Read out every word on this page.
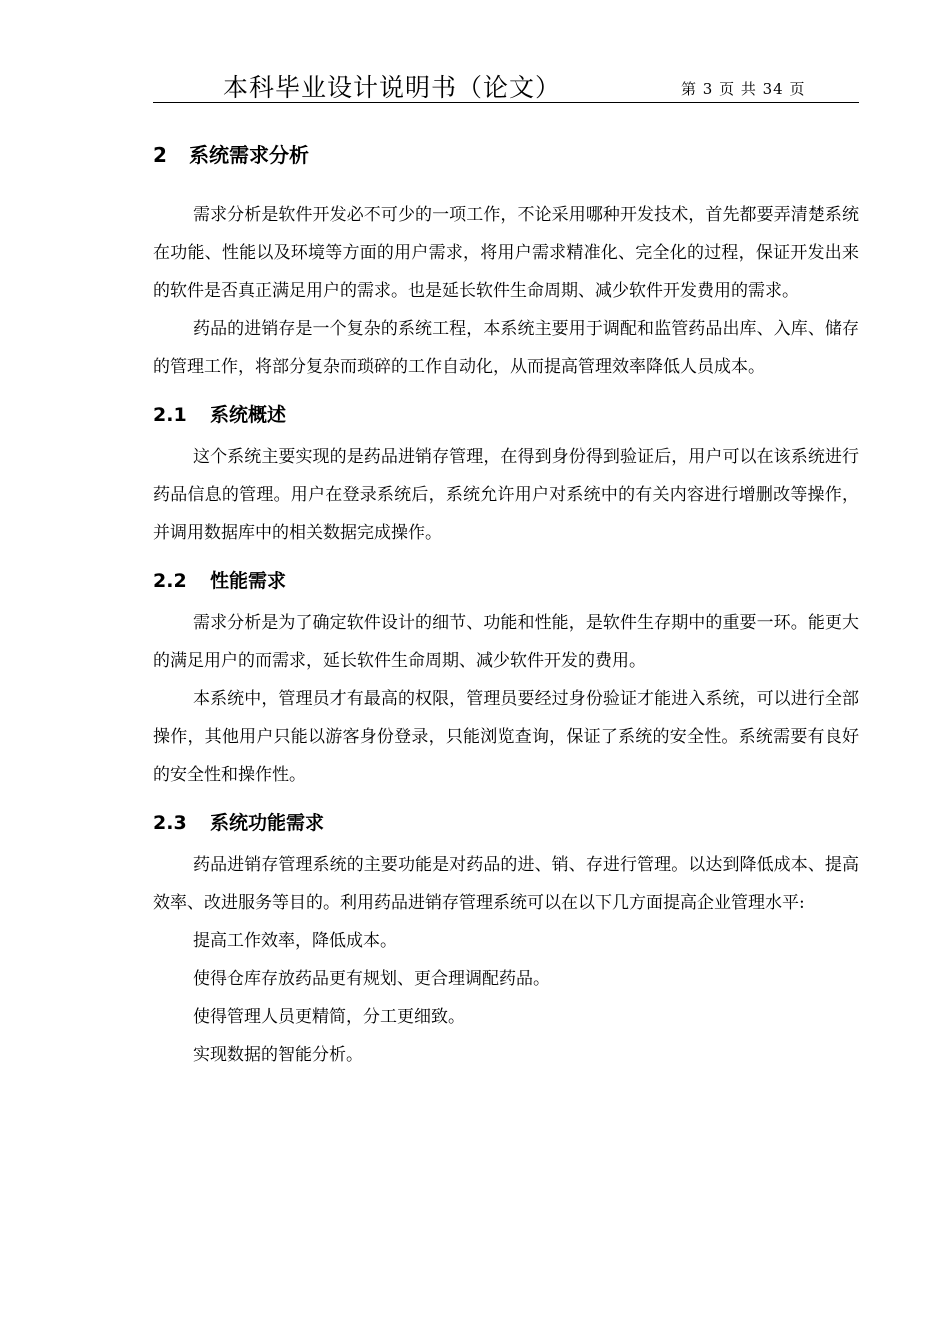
本科毕业设计说明书（论文）	第 3 页 共 34 页
2 系统需求分析

需求分析是软件开发必不可少的一项工作，不论采用哪种开发技术，首先都要弄清楚系统在功能、性能以及环境等方面的用户需求，将用户需求精准化、完全化的过程，保证开发出来的软件是否真正满足用户的需求。也是延长软件生命周期、减少软件开发费用的需求。

药品的进销存是一个复杂的系统工程，本系统主要用于调配和监管药品出库、入库、储存的管理工作，将部分复杂而琐碎的工作自动化，从而提高管理效率降低人员成本。

2.1 系统概述

这个系统主要实现的是药品进销存管理，在得到身份得到验证后，用户可以在该系统进行药品信息的管理。用户在登录系统后，系统允许用户对系统中的有关内容进行增删改等操作，并调用数据库中的相关数据完成操作。

2.2 性能需求

需求分析是为了确定软件设计的细节、功能和性能，是软件生存期中的重要一环。能更大的满足用户的而需求，延长软件生命周期、减少软件开发的费用。

本系统中，管理员才有最高的权限，管理员要经过身份验证才能进入系统，可以进行全部操作，其他用户只能以游客身份登录，只能浏览查询，保证了系统的安全性。系统需要有良好的安全性和操作性。

2.3 系统功能需求

药品进销存管理系统的主要功能是对药品的进、销、存进行管理。以达到降低成本、提高效率、改进服务等目的。利用药品进销存管理系统可以在以下几方面提高企业管理水平:

提高工作效率，降低成本。

使得仓库存放药品更有规划、更合理调配药品。

使得管理人员更精简，分工更细致。

实现数据的智能分析。
